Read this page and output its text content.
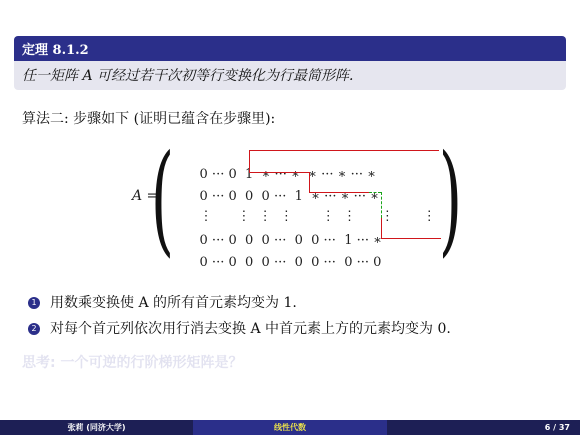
定理 8.1.2
任一矩阵 A 可经过若干次初等行变换化为行最简形阵.
算法二: 步骤如下 (证明已蕴含在步骤里):
A =
( )

0 ··· 0  1  ∗ ··· ∗  ∗ ··· ∗ ··· ∗

0 ··· 0  0  0 ···  1  ∗ ··· ∗ ··· ∗

⋮      ⋮  ⋮  ⋮       ⋮  ⋮      ⋮       ⋮

0 ··· 0  0  0 ···  0  0 ···  1 ··· ∗

0 ··· 0  0  0 ···  0  0 ···  0 ··· 0

1 用数乘变换使 A 的所有首元素均变为 1.
2 对每个首元列依次用行消去变换 A 中首元素上方的元素均变为 0.
思考: 一个可逆的行阶梯形矩阵是？
张莉 (同济大学)	线性代数	6 / 37
